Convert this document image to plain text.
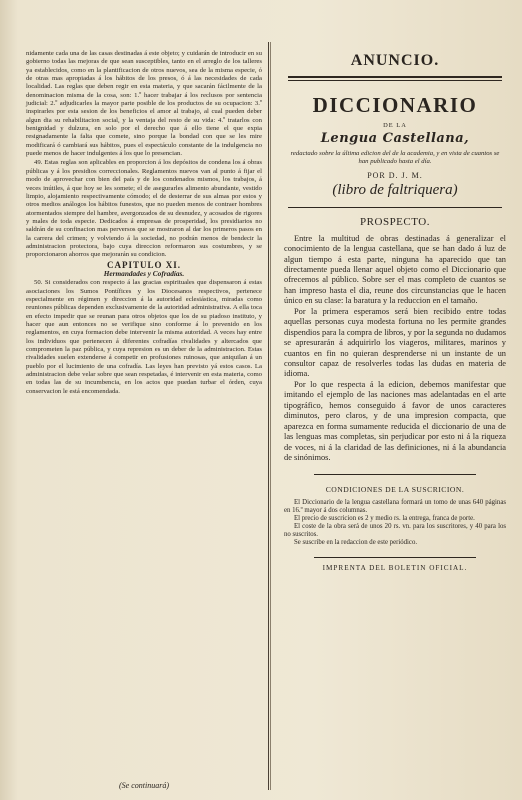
nidamente cada una de las casas destinadas á este objeto; y cuidarán de introducir en su gobierno todas las mejoras de que sean susceptibles, tanto en el arreglo de los talleres ya establecidos, como en la plantificacion de otros nuevos, sea de la misma especie, ó de otras mas apropiadas á los hábitos de los presos, ó á las necesidades de cada localidad. Las reglas que deben regir en esta materia, y que sacarán fácilmente de la denominacion misma de la cosa, son: 1.º hacer trabajar á los reclusos por sentencia judicial: 2.º adjudicarles la mayor parte posible de los productos de su ocupacion: 3.º inspirarles por esta sesion de los beneficios el amor al trabajo, al cual pueden deber algun dia su rehabilitacion social, y la ventaja del resto de su vida: 4.º tratarlos con benignidad y dulzura, en solo por el derecho que á ello tiene el que expia resignadamente la falta que comete, sino porque la bondad con que se les mire modificará ó cambiará sus hábitos, pues el espectáculo constante de la indulgencia no puede menos de hacer indulgentes á los que lo presencian.

49. Estas reglas son aplicables en proporcion á los depósitos de condena los á obras públicas y á los presidios correccionales. Reglamentos nuevos van al punto á fijar el modo de aprovechar con bien del país y de los condenados mismos, los trabajos, á veces inútiles, á que hoy se les somete; el de asegurarles alimento abundante, vestido limpio, alojamiento respectivamente cómodo; el de desterrar de sus almas por estos y otros medios análogos los hábitos funestos, que no pueden menos de contraer hombres atormentados siempre del hambre, avergonzados de su desnudez, y acosados de rigores y males de toda especie. Dedicados á empresas de prosperidad, los presidiarios no saldrán de su confinacion mas perversos que se mostraron al dar los primeros pasos en la carrera del crimen; y volviendo á la sociedad, no podrán menos de bendecir la administracion protectora, bajo cuya direccion reformaron sus costumbres, y se proporcionaron ahorros que mejorarán su condicion.

CAPITULO XI.

Hermandades y Cofradías.

50. Si considerados con respecto á las gracias espirituales que dispensaron á estas asociaciones los Sumos Pontífices y los Diocesanos respectivos, pertenece especialmente en régimen y direccion á la autoridad eclesiástica, miradas como reuniones públicas dependen exclusivamente de la autoridad administrativa. A ella toca en efecto impedir que se reunan para otros objetos que los de su piadoso instituto, y hacer que aun entonces no se verifique sino conforme á lo prevenido en los reglamentos, en cuya formacion debe intervenir la misma autoridad. A veces hay entre los individuos que pertenecen á diferentes cofradías rivalidades y altercados que comprometen la paz pública, y cuya represion es un deber de la administracion. Estas rivalidades suelen extenderse á competir en profusiones ruinosas, que aniquilan á un pueblo por el lucimiento de una cofradía. Las leyes han previsto yá estos casos. La administracion debe velar sobre que sean respetadas, é intervenir en esta materia, como en todas las de su incumbencia, en los actos que puedan turbar el órden, cuya conservacion le está encomendada.

(Se continuará)
ANUNCIO.
DICCIONARIO
DE LA
Lengua Castellana,
redactado sobre la última edicion del de la academia, y en vista de cuantos se han publicado hasta el día.
POR D. J. M.
(libro de faltriquera)
PROSPECTO.

Entre la multitud de obras destinadas á generalizar el conocimiento de la lengua castellana, que se han dado á luz de algun tiempo á esta parte, ninguna ha aparecido que tan directamente pueda llenar aquel objeto como el Diccionario que ofrecemos al público. Sobre ser el mas completo de cuantos se han impreso hasta el dia, reune dos circunstancias que le hacen único en su clase: la baratura y la reduccion en el tamaño.

Por la primera esperamos será bien recibido entre todas aquellas personas cuya modesta fortuna no les permite grandes dispendios para la compra de libros, y por la segunda no dudamos se apresurarán á adquirirlo los viageros, militares, marinos y cuantos en fin no quieran desprenderse ni un instante de un consultor capaz de resolverles todas las dudas en materia de idioma.

Por lo que respecta á la edicion, debemos manifestar que imitando el ejemplo de las naciones mas adelantadas en el arte tipográfico, hemos conseguido á favor de unos caracteres diminutos, pero claros, y de una impresion compacta, que aparezca en forma sumamente reducida el diccionario de una de las lenguas mas completas, sin perjudicar por esto ni á la riqueza de voces, ni á la claridad de las definiciones, ni á la abundancia de sinónimos.

CONDICIONES DE LA SUSCRICION.

El Diccionario de la lengua castellana formará un tomo de unas 640 páginas en 16.º mayor á dos columnas.

El precio de suscricion es 2 y medio rs. la entrega, franca de porte.

El coste de la obra será de unos 20 rs. vn. para los suscritores, y 40 para los no suscritos.

Se suscribe en la redaccion de este periódico.

IMPRENTA DEL BOLETIN OFICIAL.
